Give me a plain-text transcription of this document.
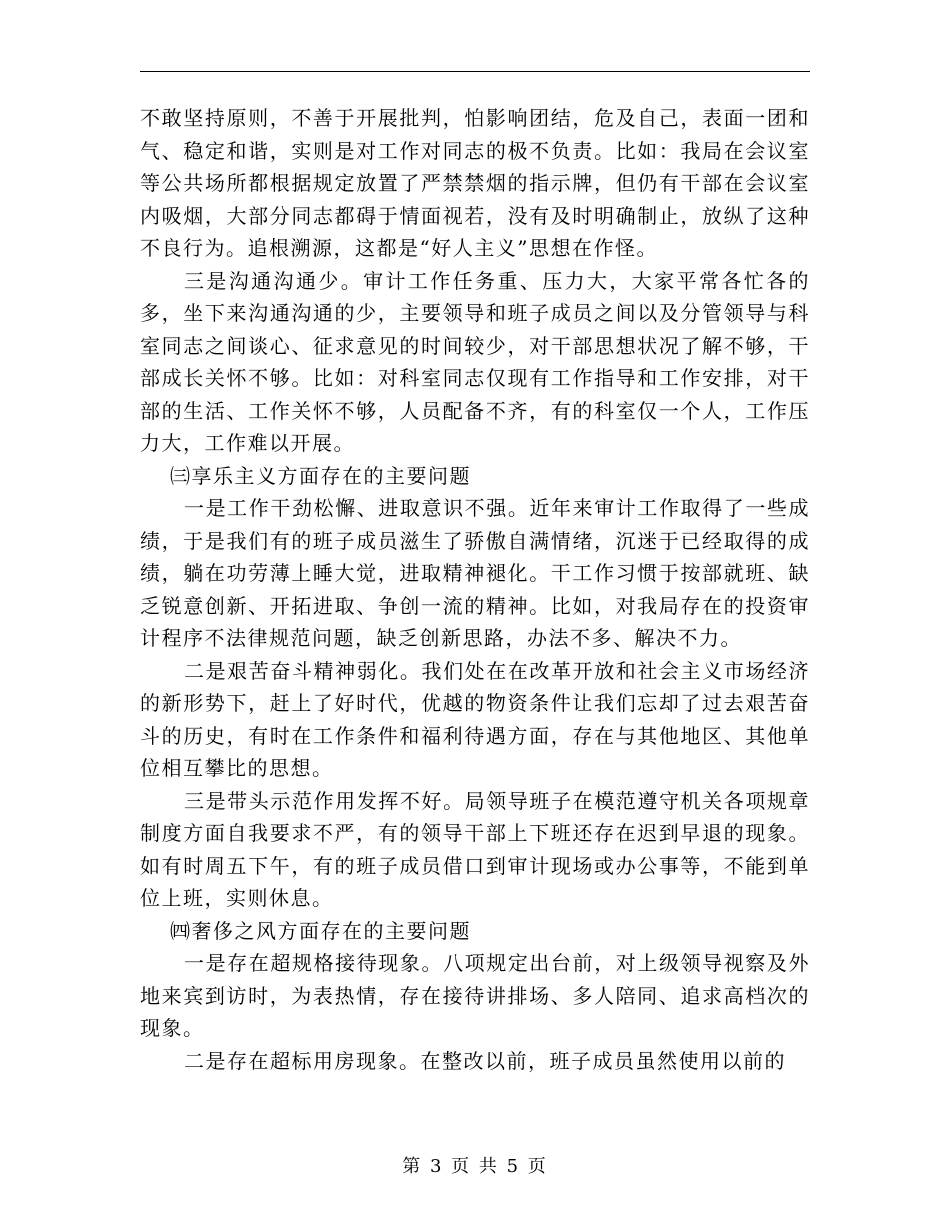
不敢坚持原则，不善于开展批判，怕影响团结，危及自己，表面一团和气、稳定和谐，实则是对工作对同志的极不负责。比如：我局在会议室等公共场所都根据规定放置了严禁禁烟的指示牌，但仍有干部在会议室内吸烟，大部分同志都碍于情面视若，没有及时明确制止，放纵了这种不良行为。追根溯源，这都是“好人主义”思想在作怪。

三是沟通沟通少。审计工作任务重、压力大，大家平常各忙各的多，坐下来沟通沟通的少，主要领导和班子成员之间以及分管领导与科室同志之间谈心、征求意见的时间较少，对干部思想状况了解不够，干部成长关怀不够。比如：对科室同志仅现有工作指导和工作安排，对干部的生活、工作关怀不够，人员配备不齐，有的科室仅一个人，工作压力大，工作难以开展。

㈢享乐主义方面存在的主要问题

一是工作干劲松懈、进取意识不强。近年来审计工作取得了一些成绩，于是我们有的班子成员滋生了骄傲自满情绪，沉迷于已经取得的成绩，躺在功劳薄上睡大觉，进取精神褪化。干工作习惯于按部就班、缺乏锐意创新、开拓进取、争创一流的精神。比如，对我局存在的投资审计程序不法律规范问题，缺乏创新思路，办法不多、解决不力。

二是艰苦奋斗精神弱化。我们处在在改革开放和社会主义市场经济的新形势下，赶上了好时代，优越的物资条件让我们忘却了过去艰苦奋斗的历史，有时在工作条件和福利待遇方面，存在与其他地区、其他单位相互攀比的思想。

三是带头示范作用发挥不好。局领导班子在模范遵守机关各项规章制度方面自我要求不严，有的领导干部上下班还存在迟到早退的现象。如有时周五下午，有的班子成员借口到审计现场或办公事等，不能到单位上班，实则休息。

㈣奢侈之风方面存在的主要问题

一是存在超规格接待现象。八项规定出台前，对上级领导视察及外地来宾到访时，为表热情，存在接待讲排场、多人陪同、追求高档次的现象。

二是存在超标用房现象。在整改以前，班子成员虽然使用以前的

第 3 页 共 5 页
